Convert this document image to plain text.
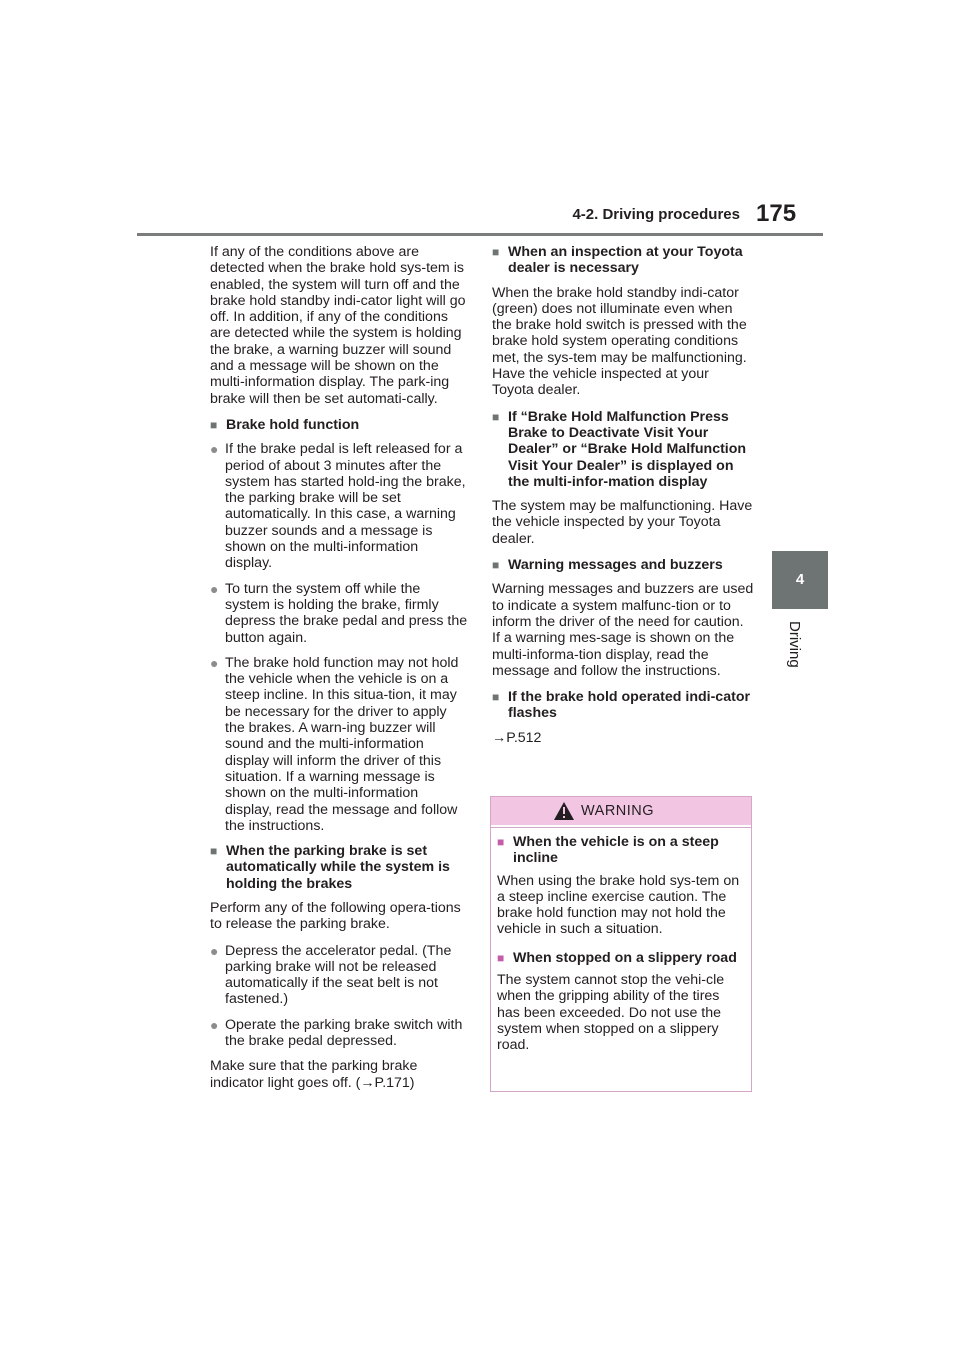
4-2. Driving procedures 175
4
Driving

If any of the conditions above are detected when the brake hold sys-tem is enabled, the system will turn off and the brake hold standby indi-cator light will go off. In addition, if any of the conditions are detected while the system is holding the brake, a warning buzzer will sound and a message will be shown on the multi-information display. The park-ing brake will then be set automati-cally.

■ Brake hold function
● If the brake pedal is left released for a period of about 3 minutes after the system has started hold-ing the brake, the parking brake will be set automatically. In this case, a warning buzzer sounds and a message is shown on the multi-information display.
● To turn the system off while the system is holding the brake, firmly depress the brake pedal and press the button again.
● The brake hold function may not hold the vehicle when the vehicle is on a steep incline. In this situa-tion, it may be necessary for the driver to apply the brakes. A warn-ing buzzer will sound and the multi-information display will inform the driver of this situation. If a warning message is shown on the multi-information display, read the message and follow the instructions.
■ When the parking brake is set automatically while the system is holding the brakes

Perform any of the following opera-tions to release the parking brake.

● Depress the accelerator pedal. (The parking brake will not be released automatically if the seat belt is not fastened.)
● Operate the parking brake switch with the brake pedal depressed.

Make sure that the parking brake indicator light goes off. (→P.171)

■ When an inspection at your Toyota dealer is necessary

When the brake hold standby indi-cator (green) does not illuminate even when the brake hold switch is pressed with the brake hold system operating conditions met, the sys-tem may be malfunctioning. Have the vehicle inspected at your Toyota dealer.

■ If “Brake Hold Malfunction Press Brake to Deactivate Visit Your Dealer” or “Brake Hold Malfunction Visit Your Dealer” is displayed on the multi-infor-mation display

The system may be malfunctioning. Have the vehicle inspected by your Toyota dealer.

■ Warning messages and buzzers

Warning messages and buzzers are used to indicate a system malfunc-tion or to inform the driver of the need for caution. If a warning mes-sage is shown on the multi-informa-tion display, read the message and follow the instructions.

■ If the brake hold operated indi-cator flashes

→P.512

WARNING
■ When the vehicle is on a steep incline

When using the brake hold sys-tem on a steep incline exercise caution. The brake hold function may not hold the vehicle in such a situation.

■ When stopped on a slippery road

The system cannot stop the vehi-cle when the gripping ability of the tires has been exceeded. Do not use the system when stopped on a slippery road.
